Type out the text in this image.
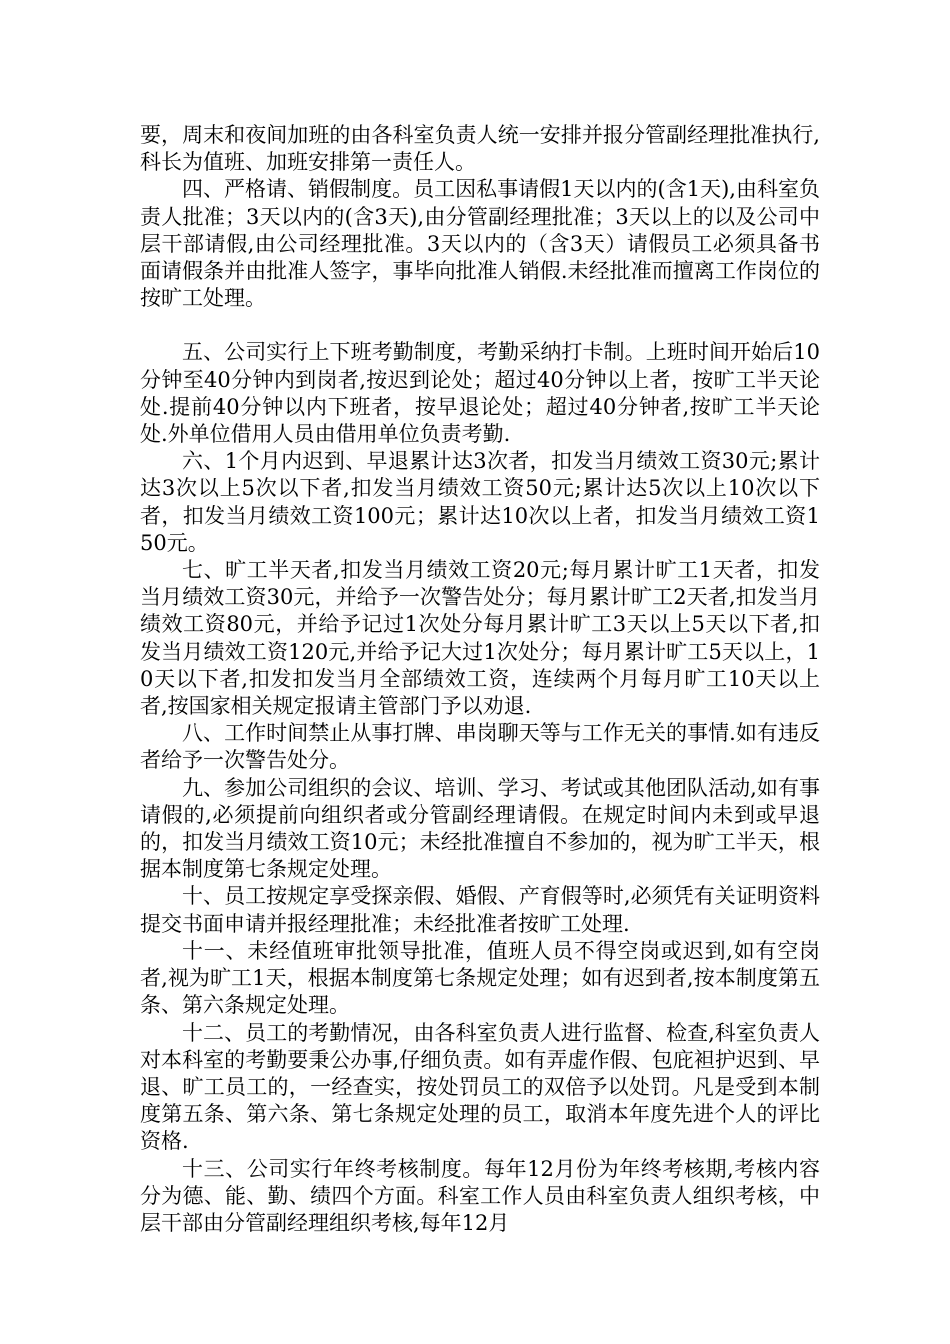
要，周末和夜间加班的由各科室负责人统一安排并报分管副经理批准执行,科长为值班、加班安排第一责任人。

四、严格请、销假制度。员工因私事请假1天以内的(含1天),由科室负责人批准；3天以内的(含3天),由分管副经理批准；3天以上的以及公司中层干部请假,由公司经理批准。3天以内的（含3天）请假员工必须具备书面请假条并由批准人签字，事毕向批准人销假.未经批准而擅离工作岗位的按旷工处理。

五、公司实行上下班考勤制度，考勤采纳打卡制。上班时间开始后10分钟至40分钟内到岗者,按迟到论处；超过40分钟以上者，按旷工半天论处.提前40分钟以内下班者，按早退论处；超过40分钟者,按旷工半天论处.外单位借用人员由借用单位负责考勤.

六、1个月内迟到、早退累计达3次者，扣发当月绩效工资30元;累计达3次以上5次以下者,扣发当月绩效工资50元;累计达5次以上10次以下者，扣发当月绩效工资100元；累计达10次以上者，扣发当月绩效工资150元。

七、旷工半天者,扣发当月绩效工资20元;每月累计旷工1天者，扣发当月绩效工资30元，并给予一次警告处分；每月累计旷工2天者,扣发当月绩效工资80元，并给予记过1次处分每月累计旷工3天以上5天以下者,扣发当月绩效工资120元,并给予记大过1次处分；每月累计旷工5天以上，10天以下者,扣发扣发当月全部绩效工资，连续两个月每月旷工10天以上者,按国家相关规定报请主管部门予以劝退.

八、工作时间禁止从事打牌、串岗聊天等与工作无关的事情.如有违反者给予一次警告处分。

九、参加公司组织的会议、培训、学习、考试或其他团队活动,如有事请假的,必须提前向组织者或分管副经理请假。在规定时间内未到或早退的，扣发当月绩效工资10元；未经批准擅自不参加的，视为旷工半天，根据本制度第七条规定处理。

十、员工按规定享受探亲假、婚假、产育假等时,必须凭有关证明资料提交书面申请并报经理批准；未经批准者按旷工处理.

十一、未经值班审批领导批准，值班人员不得空岗或迟到,如有空岗者,视为旷工1天，根据本制度第七条规定处理；如有迟到者,按本制度第五条、第六条规定处理。

十二、员工的考勤情况，由各科室负责人进行监督、检查,科室负责人对本科室的考勤要秉公办事,仔细负责。如有弄虚作假、包庇袒护迟到、早退、旷工员工的，一经查实，按处罚员工的双倍予以处罚。凡是受到本制度第五条、第六条、第七条规定处理的员工，取消本年度先进个人的评比资格.

十三、公司实行年终考核制度。每年12月份为年终考核期,考核内容分为德、能、勤、绩四个方面。科室工作人员由科室负责人组织考核，中层干部由分管副经理组织考核,每年12月
